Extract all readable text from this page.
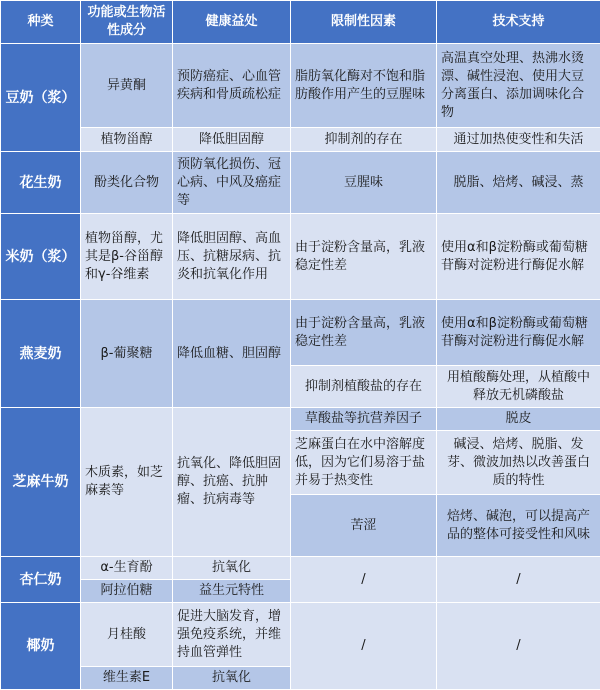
种类	功能或生物活性成分	健康益处	限制性因素	技术支持
豆奶（浆）	异黄酮	预防癌症、心血管疾病和骨质疏松症	脂肪氧化酶对不饱和脂肪酸作用产生的豆腥味	高温真空处理、热沸水烫漂、碱性浸泡、使用大豆分离蛋白、添加调味化合物
	植物甾醇	降低胆固醇	抑制剂的存在	通过加热使变性和失活
花生奶	酚类化合物	预防氧化损伤、冠心病、中风及癌症等	豆腥味	脱脂、焙烤、碱浸、蒸
米奶（浆）	植物甾醇，尤其是β-谷甾醇和γ-谷维素	降低胆固醇、高血压、抗糖尿病、抗炎和抗氧化作用	由于淀粉含量高，乳液稳定性差	使用α和β淀粉酶或葡萄糖苷酶对淀粉进行酶促水解
燕麦奶	β-葡聚糖	降低血糖、胆固醇	由于淀粉含量高，乳液稳定性差	使用α和β淀粉酶或葡萄糖苷酶对淀粉进行酶促水解
			抑制剂植酸盐的存在	用植酸酶处理，从植酸中释放无机磷酸盐
芝麻牛奶	木质素，如芝麻素等	抗氧化、降低胆固醇、抗癌、抗肿瘤、抗病毒等	草酸盐等抗营养因子	脱皮
			芝麻蛋白在水中溶解度低，因为它们易溶于盐并易于热变性	碱浸、焙烤、脱脂、发芽、微波加热以改善蛋白质的特性
			苦涩	焙烤、碱泡，可以提高产品的整体可接受性和风味
杏仁奶	α-生育酚	抗氧化	/	/
	阿拉伯糖	益生元特性		
椰奶	月桂酸	促进大脑发育，增强免疫系统，并维持血管弹性	/	/
	维生素E	抗氧化		
